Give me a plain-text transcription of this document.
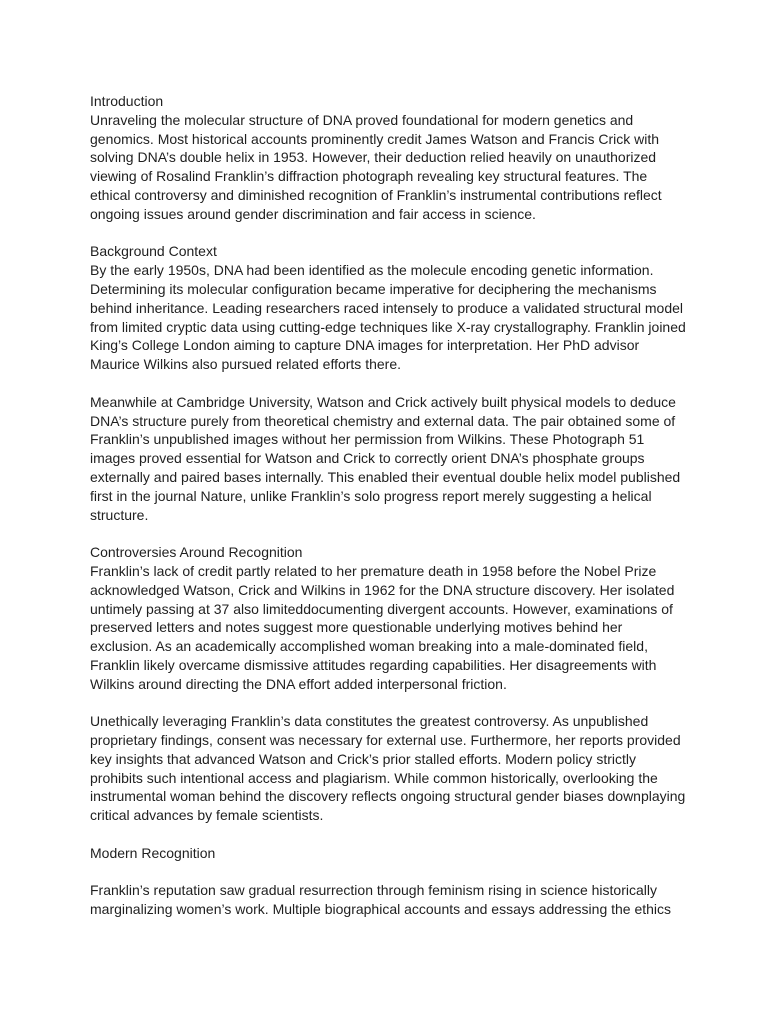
Introduction
Unraveling the molecular structure of DNA proved foundational for modern genetics and genomics. Most historical accounts prominently credit James Watson and Francis Crick with solving DNA’s double helix in 1953. However, their deduction relied heavily on unauthorized viewing of Rosalind Franklin’s diffraction photograph revealing key structural features. The ethical controversy and diminished recognition of Franklin’s instrumental contributions reflect ongoing issues around gender discrimination and fair access in science.
Background Context
By the early 1950s, DNA had been identified as the molecule encoding genetic information. Determining its molecular configuration became imperative for deciphering the mechanisms behind inheritance. Leading researchers raced intensely to produce a validated structural model from limited cryptic data using cutting-edge techniques like X-ray crystallography. Franklin joined King’s College London aiming to capture DNA images for interpretation. Her PhD advisor Maurice Wilkins also pursued related efforts there.
Meanwhile at Cambridge University, Watson and Crick actively built physical models to deduce DNA’s structure purely from theoretical chemistry and external data. The pair obtained some of Franklin’s unpublished images without her permission from Wilkins. These Photograph 51 images proved essential for Watson and Crick to correctly orient DNA’s phosphate groups externally and paired bases internally. This enabled their eventual double helix model published first in the journal Nature, unlike Franklin’s solo progress report merely suggesting a helical structure.
Controversies Around Recognition
Franklin’s lack of credit partly related to her premature death in 1958 before the Nobel Prize acknowledged Watson, Crick and Wilkins in 1962 for the DNA structure discovery. Her isolated untimely passing at 37 also limiteddocumenting divergent accounts. However, examinations of preserved letters and notes suggest more questionable underlying motives behind her exclusion. As an academically accomplished woman breaking into a male-dominated field, Franklin likely overcame dismissive attitudes regarding capabilities. Her disagreements with Wilkins around directing the DNA effort added interpersonal friction.
Unethically leveraging Franklin’s data constitutes the greatest controversy. As unpublished proprietary findings, consent was necessary for external use. Furthermore, her reports provided key insights that advanced Watson and Crick’s prior stalled efforts. Modern policy strictly prohibits such intentional access and plagiarism. While common historically, overlooking the instrumental woman behind the discovery reflects ongoing structural gender biases downplaying critical advances by female scientists.
Modern Recognition
Franklin’s reputation saw gradual resurrection through feminism rising in science historically marginalizing women’s work. Multiple biographical accounts and essays addressing the ethics
